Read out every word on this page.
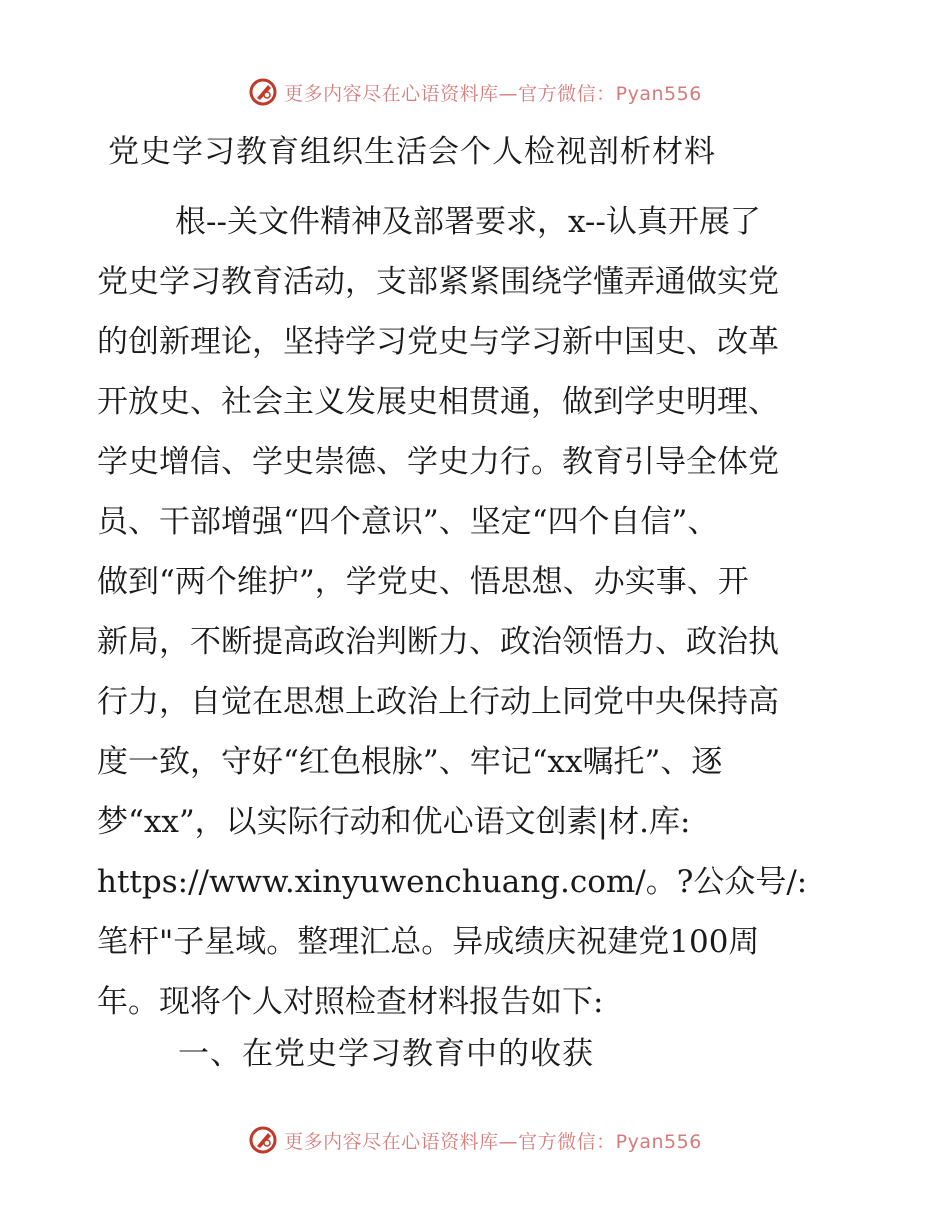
更多内容尽在心语资料库—官方微信：Pyan556
党史学习教育组织生活会个人检视剖析材料
根--关文件精神及部署要求，x--认真开展了
党史学习教育活动，支部紧紧围绕学懂弄通做实党
的创新理论，坚持学习党史与学习新中国史、改革
开放史、社会主义发展史相贯通，做到学史明理、
学史增信、学史崇德、学史力行。教育引导全体党
员、干部增强“四个意识”、坚定“四个自信”、
做到“两个维护”，学党史、悟思想、办实事、开
新局，不断提高政治判断力、政治领悟力、政治执
行力，自觉在思想上政治上行动上同党中央保持高
度一致，守好“红色根脉”、牢记“xx嘱托”、逐
梦“xx”，以实际行动和优心语文创素|材.库:
https://www.xinyuwenchuang.com/。?公众号/:
笔杆"子星域。整理汇总。异成绩庆祝建党100周
年。现将个人对照检查材料报告如下:
一、在党史学习教育中的收获
更多内容尽在心语资料库—官方微信：Pyan556
